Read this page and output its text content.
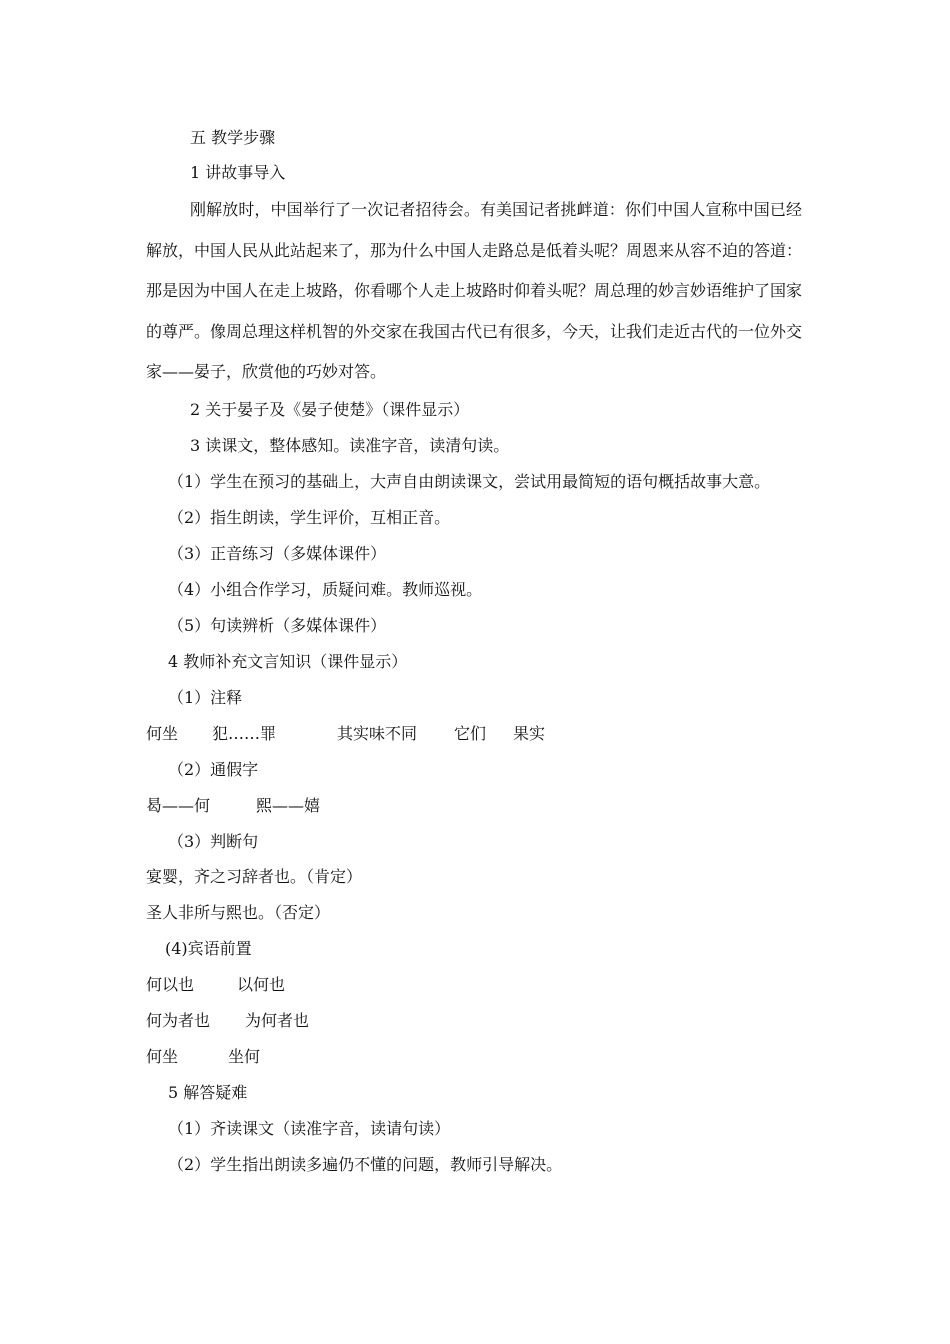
五 教学步骤
1 讲故事导入

刚解放时，中国举行了一次记者招待会。有美国记者挑衅道：你们中国人宣称中国已经解放，中国人民从此站起来了，那为什么中国人走路总是低着头呢？周恩来从容不迫的答道：那是因为中国人在走上坡路，你看哪个人走上坡路时仰着头呢？周总理的妙言妙语维护了国家的尊严。像周总理这样机智的外交家在我国古代已有很多，今天，让我们走近古代的一位外交家——晏子，欣赏他的巧妙对答。

2 关于晏子及《晏子使楚》（课件显示）
3 读课文，整体感知。读准字音，读清句读。
（1）学生在预习的基础上，大声自由朗读课文，尝试用最简短的语句概括故事大意。
（2）指生朗读，学生评价，互相正音。
（3）正音练习（多媒体课件）
（4）小组合作学习，质疑问难。教师巡视。
（5）句读辨析（多媒体课件）
4 教师补充文言知识（课件显示）
（1）注释
何坐 犯……罪	其实味不同 它们 果实
（2）通假字
曷——何	熙——嬉
（3）判断句
宴婴，齐之习辞者也。（肯定）
圣人非所与熙也。（否定）
(4)宾语前置
何以也	以何也
何为者也 为何者也
何坐	坐何
5 解答疑难
（1）齐读课文（读准字音，读请句读）
（2）学生指出朗读多遍仍不懂的问题，教师引导解决。
